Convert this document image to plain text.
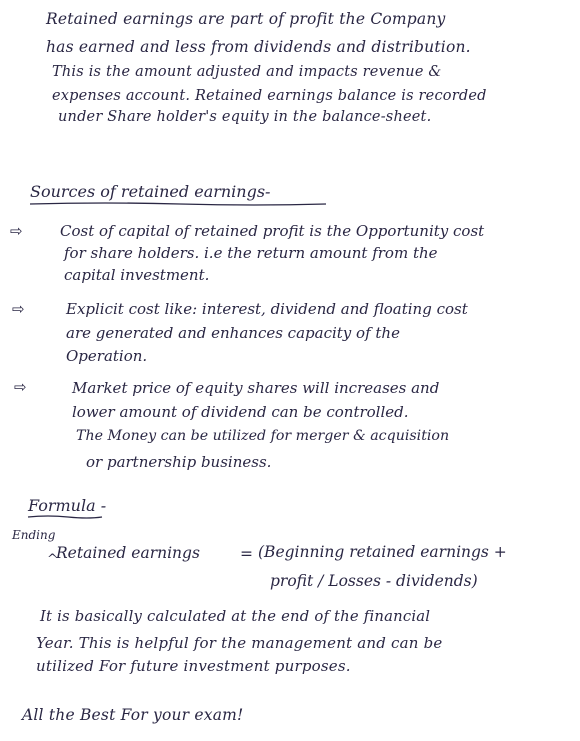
Retained earnings are part of profit the Company
has earned and less from dividends and distribution.
This is the amount adjusted and impacts revenue &
expenses account. Retained earnings balance is recorded
under Share holder's equity in the balance-sheet.
Sources of retained earnings-
⇨ Cost of capital of retained profit is the Opportunity cost
for share holders. i.e the return amount from the
capital investment.
⇨	Explicit cost like: interest, dividend and floating cost
are generated and enhances capacity of the
Operation.
⇨	Market price of equity shares will increases and
lower amount of dividend can be controlled.
The Money can be utilized for merger & acquisition
or partnership business.
Formula -
Ending
^
Retained earnings	= (Beginning retained earnings +
profit / Losses - dividends)
It is basically calculated at the end of the financial
Year. This is helpful for the management and can be
utilized For future investment purposes.
All the Best For your exam!
